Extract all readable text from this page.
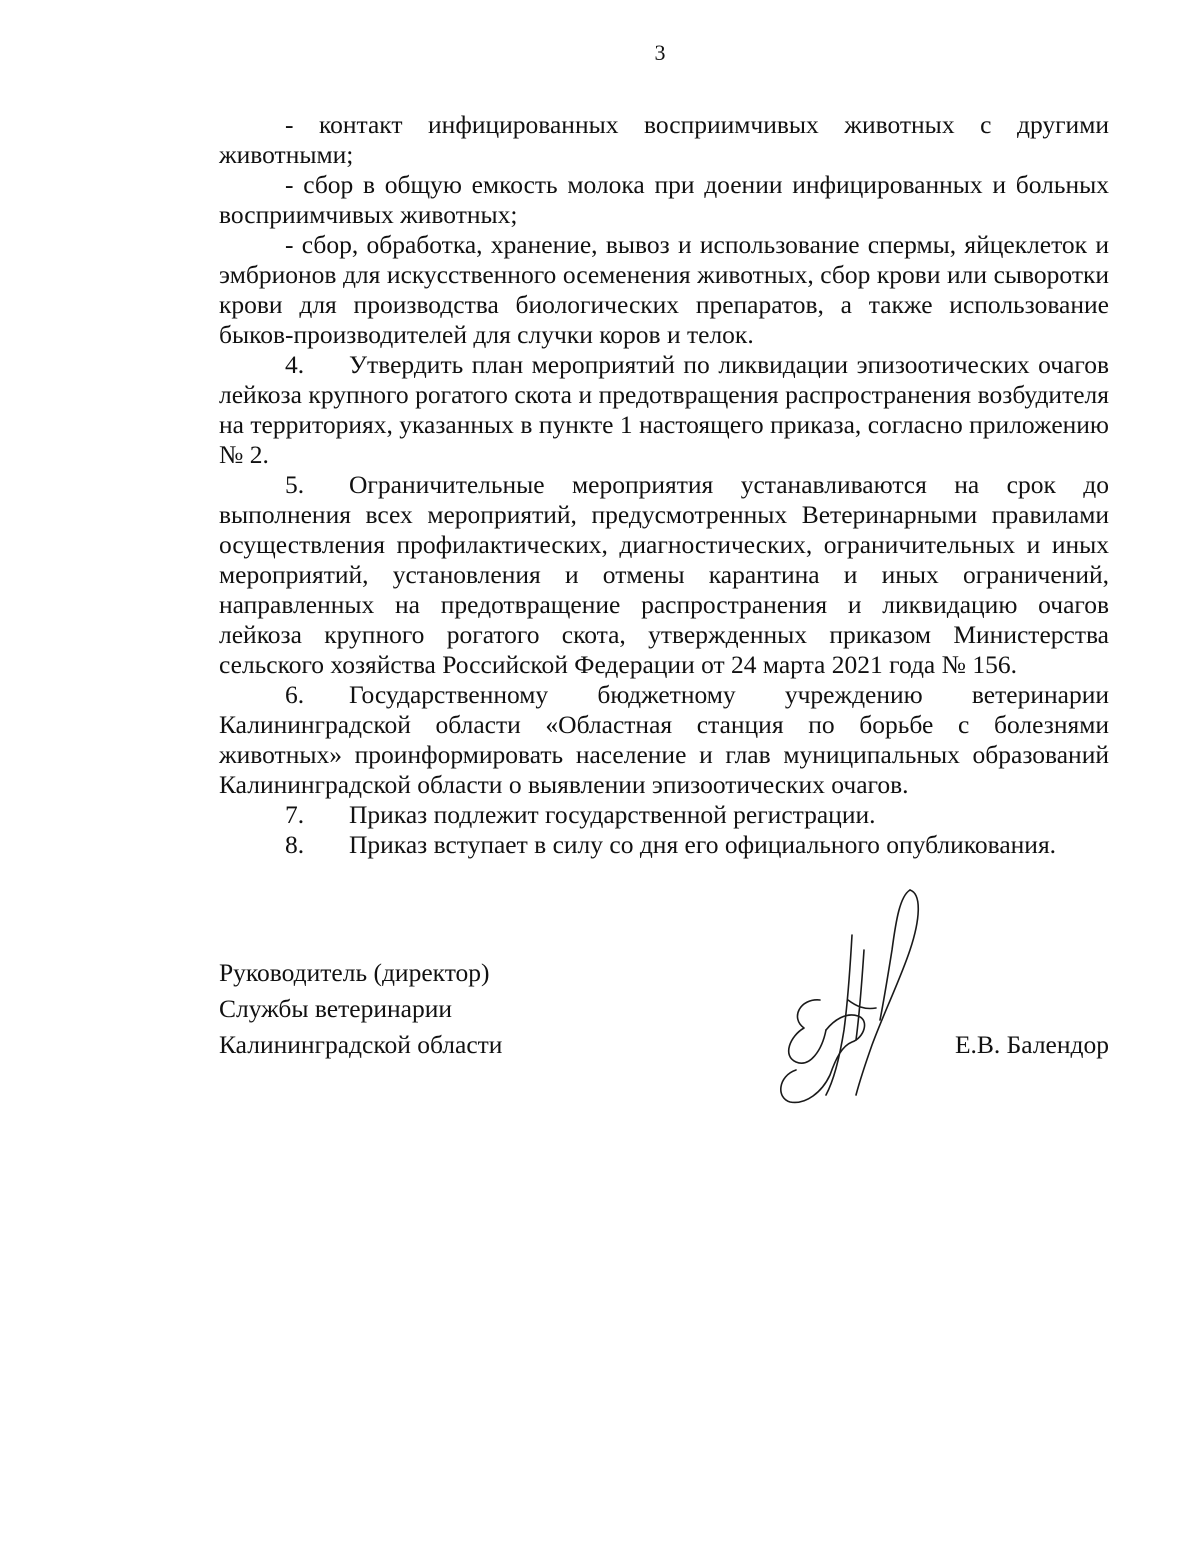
3

- контакт инфицированных восприимчивых животных с другими животными;

- сбор в общую емкость молока при доении инфицированных и больных восприимчивых животных;

- сбор, обработка, хранение, вывоз и использование спермы, яйцеклеток и эмбрионов для искусственного осеменения животных, сбор крови или сыворотки крови для производства биологических препаратов, а также использование быков-производителей для случки коров и телок.

4. Утвердить план мероприятий по ликвидации эпизоотических очагов лейкоза крупного рогатого скота и предотвращения распространения возбудителя на территориях, указанных в пункте 1 настоящего приказа, согласно приложению № 2.

5. Ограничительные мероприятия устанавливаются на срок до выполнения всех мероприятий, предусмотренных Ветеринарными правилами осуществления профилактических, диагностических, ограничительных и иных мероприятий, установления и отмены карантина и иных ограничений, направленных на предотвращение распространения и ликвидацию очагов лейкоза крупного рогатого скота, утвержденных приказом Министерства сельского хозяйства Российской Федерации от 24 марта 2021 года № 156.

6. Государственному бюджетному учреждению ветеринарии Калининградской области «Областная станция по борьбе с болезнями животных» проинформировать население и глав муниципальных образований Калининградской области о выявлении эпизоотических очагов.

7. Приказ подлежит государственной регистрации.

8. Приказ вступает в силу со дня его официального опубликования.

Руководитель (директор)
Службы ветеринарии
Калининградской области	Е.В. Балендор
